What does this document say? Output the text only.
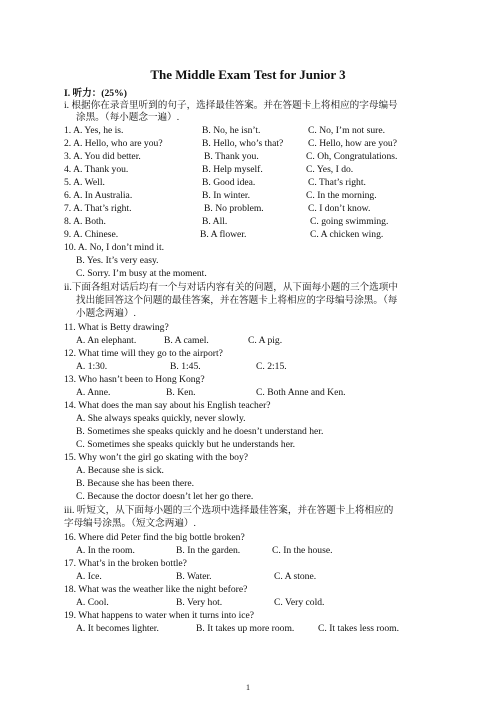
The Middle Exam Test for Junior 3
I. 听力：(25%)
i. 根据你在录音里听到的句子，选择最佳答案。并在答题卡上将相应的字母编号
涂黑。（每小题念一遍）.
1. A. Yes, he is.	B. No, he isn’t.	C. No, I’m not sure.
2. A. Hello, who are you?	B. Hello, who’s that?	C. Hello, how are you?
3. A. You did better.	B. Thank you.	C. Oh, Congratulations.
4. A. Thank you.	B. Help myself.	C. Yes, I do.
5. A. Well.	B. Good idea.	C. That’s right.
6. A. In Australia.	B. In winter.	C. In the morning.
7. A. That’s right.	B. No problem.	C. I don’t know.
8. A. Both.	B. All.	C. going swimming.
9. A. Chinese.	B. A flower.	C. A chicken wing.
10. A. No, I don’t mind it.
B. Yes. It’s very easy.
C. Sorry. I’m busy at the moment.
ii.下面各组对话后均有一个与对话内容有关的问题，从下面每小题的三个选项中
找出能回答这个问题的最佳答案，并在答题卡上将相应的字母编号涂黑。（每
小题念两遍）.
11. What is Betty drawing?
A. An elephant.	B. A camel.	C. A pig.
12. What time will they go to the airport?
A. 1:30.	B. 1:45.	C. 2:15.
13. Who hasn’t been to Hong Kong?
A. Anne.	B. Ken.	C. Both Anne and Ken.
14. What does the man say about his English teacher?
A. She always speaks quickly, never slowly.
B. Sometimes she speaks quickly and he doesn’t understand her.
C. Sometimes she speaks quickly but he understands her.
15. Why won’t the girl go skating with the boy?
A. Because she is sick.
B. Because she has been there.
C. Because the doctor doesn’t let her go there.
iii. 听短文，从下面每小题的三个选项中选择最佳答案，并在答题卡上将相应的
字母编号涂黑。（短文念两遍）.
16. Where did Peter find the big bottle broken?
A. In the room.	B. In the garden.	C. In the house.
17. What’s in the broken bottle?
A. Ice.	B. Water.	C. A stone.
18. What was the weather like the night before?
A. Cool.	B. Very hot.	C. Very cold.
19. What happens to water when it turns into ice?
A. It becomes lighter.	B. It takes up more room. C. It takes less room.
1
